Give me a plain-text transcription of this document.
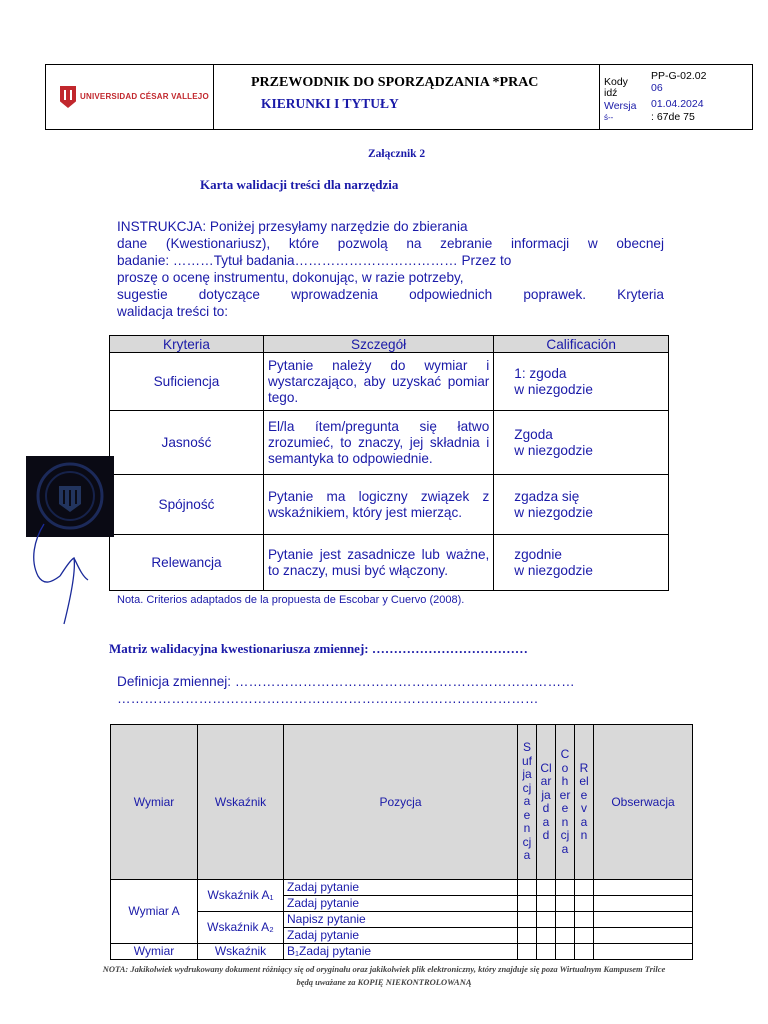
UNIVERSIDAD CÉSAR VALLEJO
PRZEWODNIK DO SPORZĄDZANIA *PRAC
KIERUNKI I TYTUŁY
Kody
idź
PP-G-02.02
06
Wersja
ś--
01.04.2024
: 67de 75
Załącznik 2
Karta walidacji treści dla narzędzia
INSTRUKCJA: Poniżej przesyłamy narzędzie do zbierania
dane (Kwestionariusz), które pozwolą na zebranie informacji w obecnej
badanie: ………Tytuł badania……………………………… Przez to
proszę o ocenę instrumentu, dokonując, w razie potrzeby,
sugestie dotyczące wprowadzenia odpowiednich poprawek. Kryteria
walidacja treści to:
Kryteria	Szczegół	Calificación
Suficiencja	Pytanie należy do wymiar i wystarczająco, aby uzyskać pomiar tego.	1: zgoda
w niezgodzie
Jasność	El/la ítem/pregunta się łatwo zrozumieć, to znaczy, jej składnia i semantyka to odpowiednie.	Zgoda
w niezgodzie
Spójność	Pytanie ma logiczny związek z wskaźnikiem, który jest mierząc.	zgadza się
w niezgodzie
Relewancja	Pytanie jest zasadnicze lub ważne, to znaczy, musi być włączony.	zgodnie
w niezgodzie
Nota. Criterios adaptados de la propuesta de Escobar y Cuervo (2008).
Matriz walidacyjna kwestionariusza zmiennej: ………………………………
Definicja zmiennej: …………………………………………………………………
…………………………………………………………………………………
Wymiar	Wskaźnik	Pozycja	Sufjacjaencja	Clarjadad	Coherencja	Relevan	Obserwacja
Wymiar A	Wskaźnik A₁	Zadaj pytanie					
		Zadaj pytanie					
	Wskaźnik A₂	Napisz pytanie					
		Zadaj pytanie					
Wymiar	Wskaźnik	B₁Zadaj pytanie					
NOTA: Jakikolwiek wydrukowany dokument różniący się od oryginału oraz jakikolwiek plik elektroniczny, który znajduje się poza Wirtualnym Kampusem Trilce
będą uważane za KOPIĘ NIEKONTROLOWANĄ
